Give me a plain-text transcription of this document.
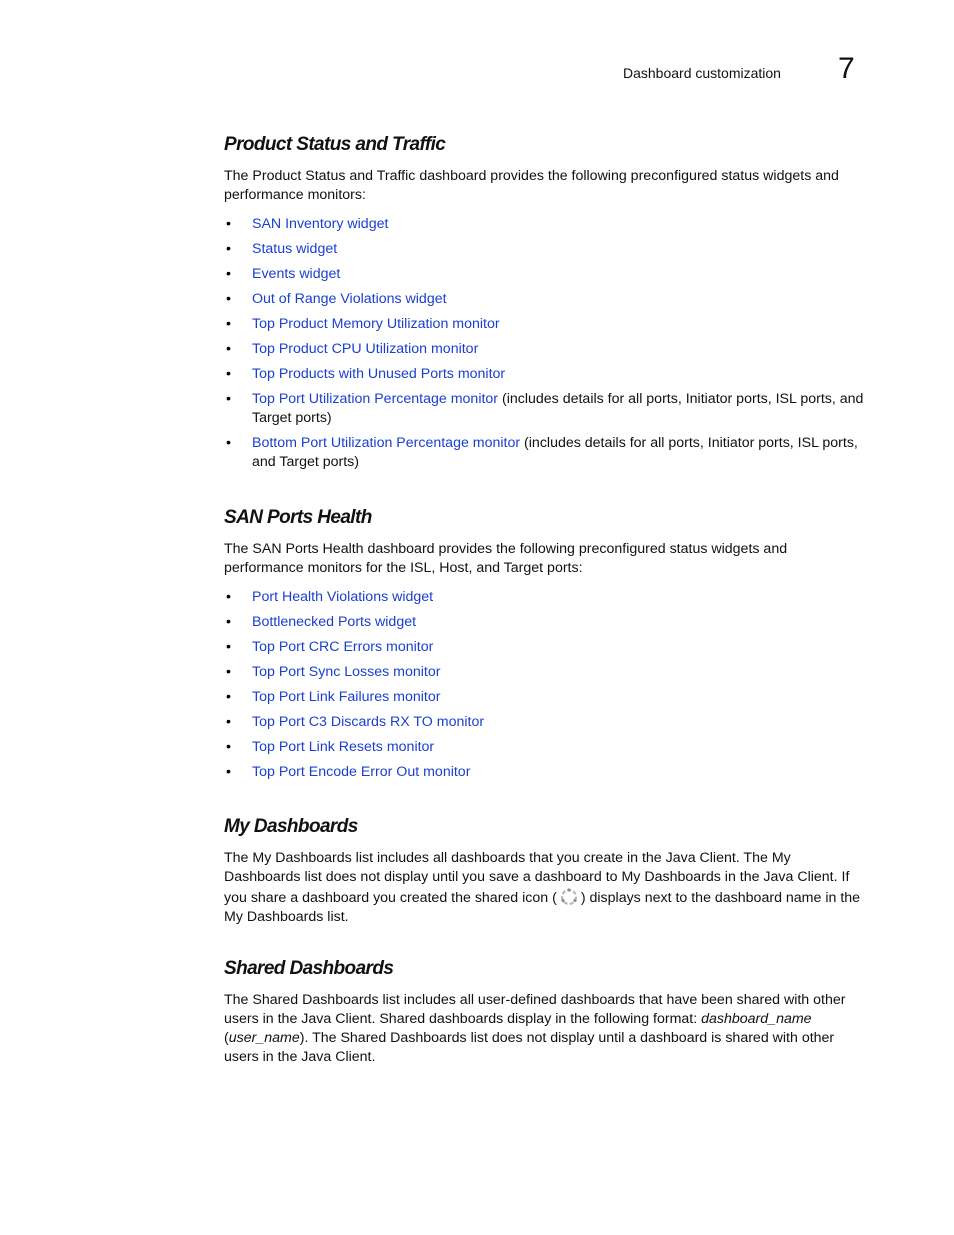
Dashboard customization 7
Product Status and Traffic

The Product Status and Traffic dashboard provides the following preconfigured status widgets and performance monitors:

• SAN Inventory widget
• Status widget
• Events widget
• Out of Range Violations widget
• Top Product Memory Utilization monitor
• Top Product CPU Utilization monitor
• Top Products with Unused Ports monitor
• Top Port Utilization Percentage monitor (includes details for all ports, Initiator ports, ISL ports, and Target ports)
• Bottom Port Utilization Percentage monitor (includes details for all ports, Initiator ports, ISL ports, and Target ports)
SAN Ports Health

The SAN Ports Health dashboard provides the following preconfigured status widgets and performance monitors for the ISL, Host, and Target ports:

• Port Health Violations widget
• Bottlenecked Ports widget
• Top Port CRC Errors monitor
• Top Port Sync Losses monitor
• Top Port Link Failures monitor
• Top Port C3 Discards RX TO monitor
• Top Port Link Resets monitor
• Top Port Encode Error Out monitor
My Dashboards

The My Dashboards list includes all dashboards that you create in the Java Client. The My Dashboards list does not display until you save a dashboard to My Dashboards in the Java Client. If you share a dashboard you created the shared icon ( ) displays next to the dashboard name in the My Dashboards list.

Shared Dashboards

The Shared Dashboards list includes all user-defined dashboards that have been shared with other users in the Java Client. Shared dashboards display in the following format: dashboard_name (user_name). The Shared Dashboards list does not display until a dashboard is shared with other users in the Java Client.
